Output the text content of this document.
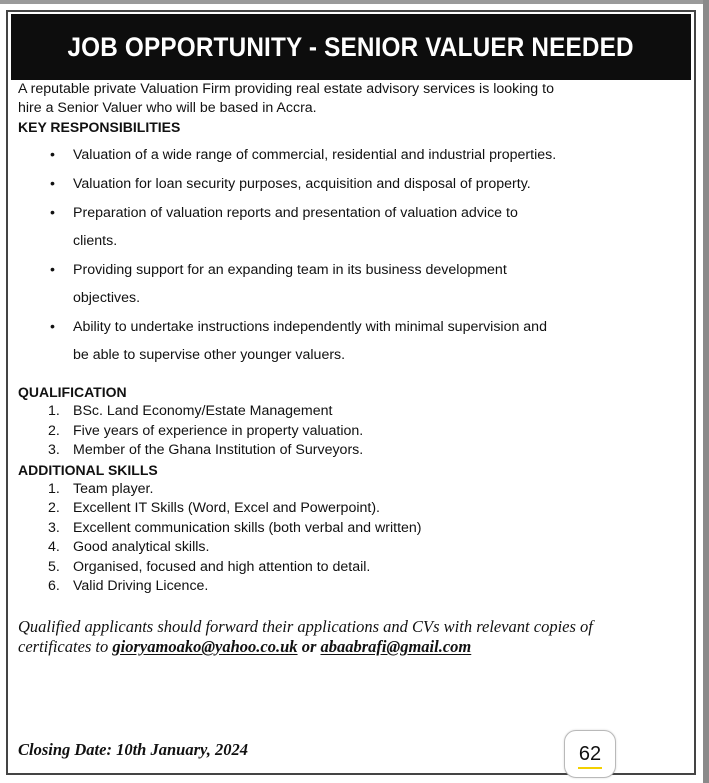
JOB OPPORTUNITY - SENIOR VALUER NEEDED

A reputable private Valuation Firm providing real estate advisory services is looking to
hire a Senior Valuer who will be based in Accra.

KEY RESPONSIBILITIES

• Valuation of a wide range of commercial, residential and industrial properties.
• Valuation for loan security purposes, acquisition and disposal of property.
• Preparation of valuation reports and presentation of valuation advice to
clients.
• Providing support for an expanding team in its business development
objectives.
• Ability to undertake instructions independently with minimal supervision and
be able to supervise other younger valuers.

QUALIFICATION

1. BSc. Land Economy/Estate Management
2. Five years of experience in property valuation.
3. Member of the Ghana Institution of Surveyors.

ADDITIONAL SKILLS

1. Team player.
2. Excellent IT Skills (Word, Excel and Powerpoint).
3. Excellent communication skills (both verbal and written)
4. Good analytical skills.
5. Organised, focused and high attention to detail.
6. Valid Driving Licence.

Qualified applicants should forward their applications and CVs with relevant copies of
certificates to gioryamoako@yahoo.co.uk or abaabrafi@gmail.com

Closing Date: 10th January, 2024	62
